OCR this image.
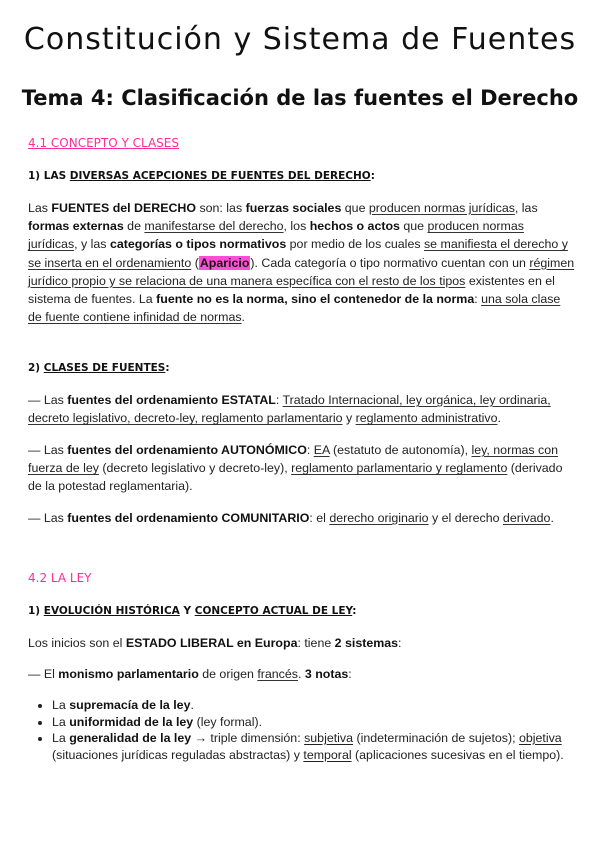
Constitución y Sistema de Fuentes
Tema 4: Clasificación de las fuentes el Derecho
4.1 CONCEPTO Y CLASES
1) LAS DIVERSAS ACEPCIONES DE FUENTES DEL DERECHO:
Las FUENTES del DERECHO son: las fuerzas sociales que producen normas jurídicas, las formas externas de manifestarse del derecho, los hechos o actos que producen normas jurídicas, y las categorías o tipos normativos por medio de los cuales se manifiesta el derecho y se inserta en el ordenamiento (Aparicio). Cada categoría o tipo normativo cuentan con un régimen jurídico propio y se relaciona de una manera específica con el resto de los tipos existentes en el sistema de fuentes. La fuente no es la norma, sino el contenedor de la norma: una sola clase de fuente contiene infinidad de normas.
2) CLASES DE FUENTES:
— Las fuentes del ordenamiento ESTATAL: Tratado Internacional, ley orgánica, ley ordinaria, decreto legislativo, decreto-ley, reglamento parlamentario y reglamento administrativo.
— Las fuentes del ordenamiento AUTONÓMICO: EA (estatuto de autonomía), ley, normas con fuerza de ley (decreto legislativo y decreto-ley), reglamento parlamentario y reglamento (derivado de la potestad reglamentaria).
— Las fuentes del ordenamiento COMUNITARIO: el derecho originario y el derecho derivado.
4.2 LA LEY
1) EVOLUCIÓN HISTÓRICA Y CONCEPTO ACTUAL DE LEY:
Los inicios son el ESTADO LIBERAL en Europa: tiene 2 sistemas:
— El monismo parlamentario de origen francés. 3 notas:
• La supremacía de la ley.
• La uniformidad de la ley (ley formal).
• La generalidad de la ley → triple dimensión: subjetiva (indeterminación de sujetos); objetiva (situaciones jurídicas reguladas abstractas) y temporal (aplicaciones sucesivas en el tiempo).
